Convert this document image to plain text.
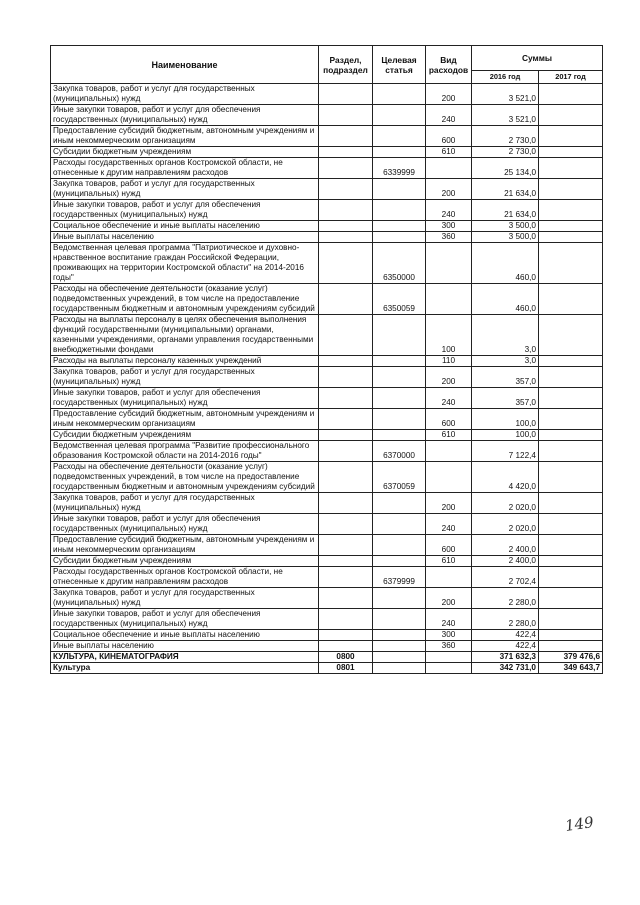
Наименование	Раздел, подраздел	Целевая статья	Вид расходов	Суммы	
				2016 год	2017 год
Закупка товаров, работ и услуг для государственных (муниципальных) нужд			200	3 521,0	
Иные закупки товаров, работ и услуг для обеспечения государственных (муниципальных) нужд			240	3 521,0	
Предоставление субсидий бюджетным, автономным учреждениям и иным некоммерческим организациям			600	2 730,0	
Субсидии бюджетным учреждениям			610	2 730,0	
Расходы государственных органов Костромской области, не отнесенные к другим направлениям расходов		6339999		25 134,0	
Закупка товаров, работ и услуг для государственных (муниципальных) нужд			200	21 634,0	
Иные закупки товаров, работ и услуг для обеспечения государственных (муниципальных) нужд			240	21 634,0	
Социальное обеспечение и иные выплаты населению			300	3 500,0	
Иные выплаты населению			360	3 500,0	
Ведомственная целевая программа "Патриотическое и духовно-нравственное воспитание граждан Российской Федерации, проживающих на территории Костромской области" на 2014-2016 годы"		6350000		460,0	
Расходы на обеспечение деятельности (оказание услуг) подведомственных учреждений, в том числе на предоставление государственным бюджетным и автономным учреждениям субсидий		6350059		460,0	
Расходы на выплаты персоналу в целях обеспечения выполнения функций государственными (муниципальными) органами, казенными учреждениями, органами управления государственными внебюджетными фондами			100	3,0	
Расходы на выплаты персоналу казенных учреждений			110	3,0	
Закупка товаров, работ и услуг для государственных (муниципальных) нужд			200	357,0	
Иные закупки товаров, работ и услуг для обеспечения государственных (муниципальных) нужд			240	357,0	
Предоставление субсидий бюджетным, автономным учреждениям и иным некоммерческим организациям			600	100,0	
Субсидии бюджетным учреждениям			610	100,0	
Ведомственная целевая программа "Развитие профессионального образования Костромской области на 2014-2016 годы"		6370000		7 122,4	
Расходы на обеспечение деятельности (оказание услуг) подведомственных учреждений, в том числе на предоставление государственным бюджетным и автономным учреждениям субсидий		6370059		4 420,0	
Закупка товаров, работ и услуг для государственных (муниципальных) нужд			200	2 020,0	
Иные закупки товаров, работ и услуг для обеспечения государственных (муниципальных) нужд			240	2 020,0	
Предоставление субсидий бюджетным, автономным учреждениям и иным некоммерческим организациям			600	2 400,0	
Субсидии бюджетным учреждениям			610	2 400,0	
Расходы государственных органов Костромской области, не отнесенные к другим направлениям расходов		6379999		2 702,4	
Закупка товаров, работ и услуг для государственных (муниципальных) нужд			200	2 280,0	
Иные закупки товаров, работ и услуг для обеспечения государственных (муниципальных) нужд			240	2 280,0	
Социальное обеспечение и иные выплаты населению			300	422,4	
Иные выплаты населению			360	422,4	
КУЛЬТУРА, КИНЕМАТОГРАФИЯ	0800			371 632,3	379 476,6
Культура	0801			342 731,0	349 643,7
149
